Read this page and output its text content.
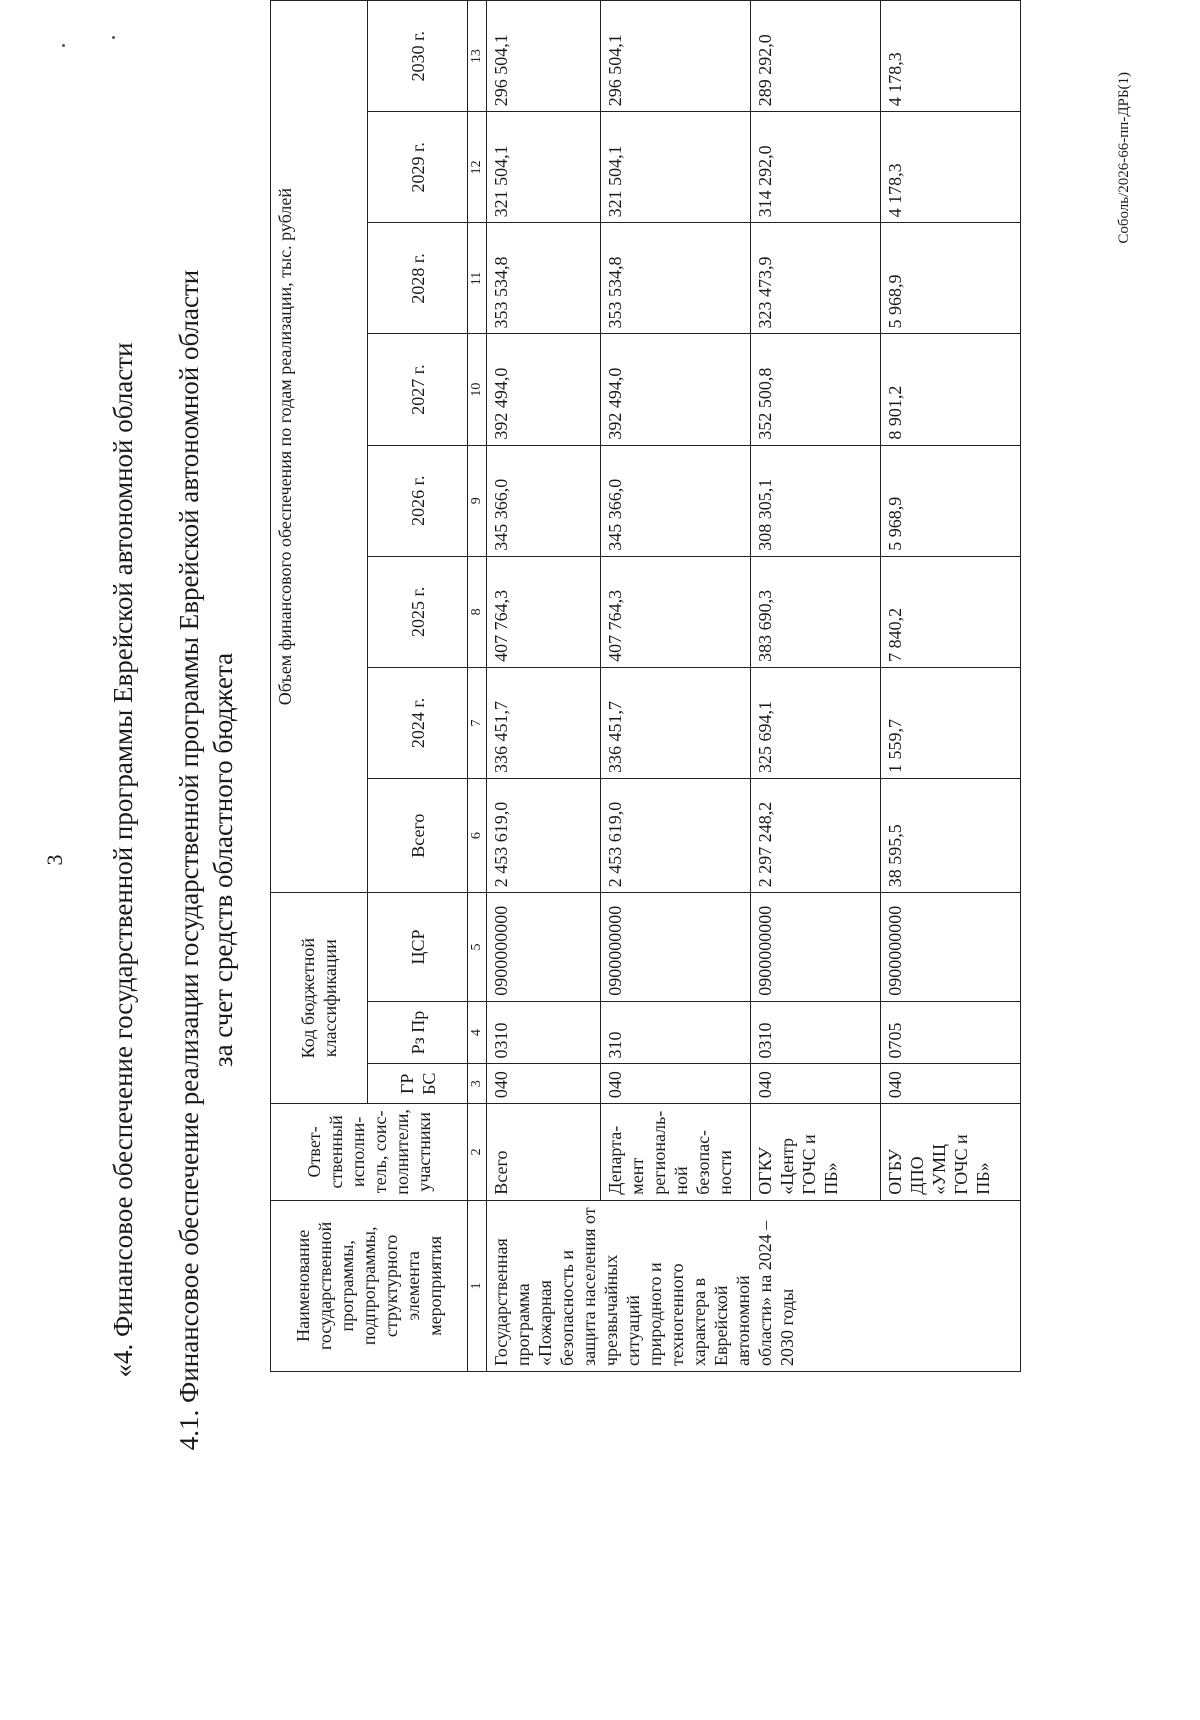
3 «4. Финансовое обеспечение государственной программы Еврейской автономной области 4.1. Финансовое обеспечение реализации государственной программы Еврейской автономной области за счет средств областного бюджета
Наименование государственной программы, подпрограммы, структурного элемента мероприятия	Ответ-ственный исполни-тель, соис-полнители, участники	Код бюджетной классификации			Объем финансового обеспечения по годам реализации, тыс. рублей							
		ГРБС	Рз Пр	ЦСР	Всего	2024 г.	2025 г.	2026 г.	2027 г.	2028 г.	2029 г.	2030 г.
1	2	3	4	5	6	7	8	9	10	11	12	13
Государственная программа «Пожарная безопасность и защита населения от чрезвычайных ситуаций природного и техногенного характера в Еврейской автономной области» на 2024 – 2030 годы	Всего	040	0310	0900000000	2 453 619,0	336 451,7	407 764,3	345 366,0	392 494,0	353 534,8	321 504,1	296 504,1
	Департа-мент региональ-ной безопас-ности	040	310	0900000000	2 453 619,0	336 451,7	407 764,3	345 366,0	392 494,0	353 534,8	321 504,1	296 504,1
	ОГКУ «Центр ГОЧС и ПБ»	040	0310	0900000000	2 297 248,2	325 694,1	383 690,3	308 305,1	352 500,8	323 473,9	314 292,0	289 292,0
	ОГБУ ДПО «УМЦ ГОЧС и ПБ»	040	0705	0900000000	38 595,5	1 559,7	7 840,2	5 968,9	8 901,2	5 968,9	4 178,3	4 178,3	Соболь/2026-66-пп-ДРБ(1)
